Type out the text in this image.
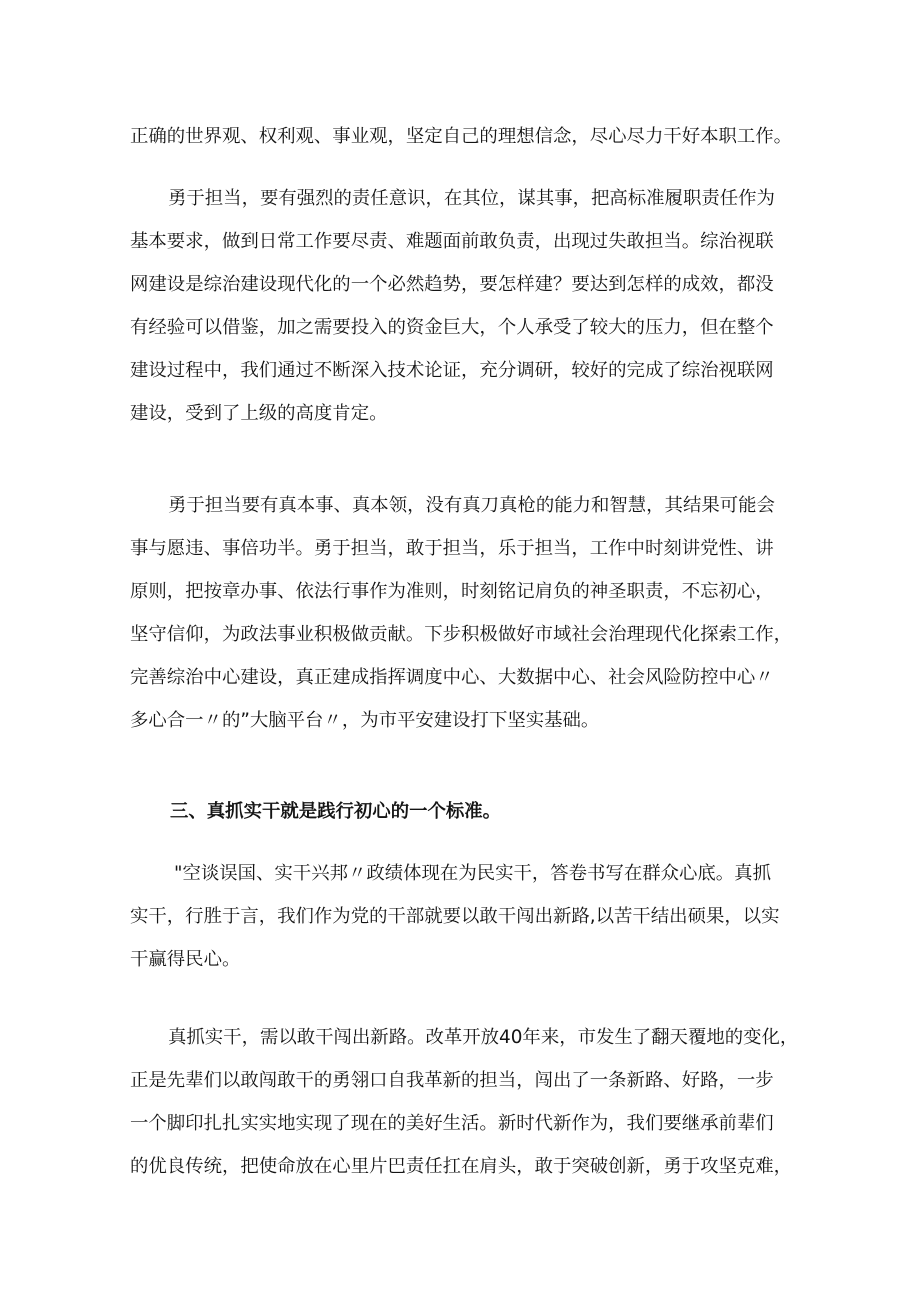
正确的世界观、权利观、事业观，坚定自己的理想信念，尽心尽力干好本职工作。
勇于担当，要有强烈的责任意识，在其位，谋其事，把高标准履职责任作为
基本要求，做到日常工作要尽责、难题面前敢负责，出现过失敢担当。综治视联
网建设是综治建设现代化的一个必然趋势，要怎样建？要达到怎样的成效，都没
有经验可以借鉴，加之需要投入的资金巨大，个人承受了较大的压力，但在整个
建设过程中，我们通过不断深入技术论证，充分调研，较好的完成了综治视联网
建设，受到了上级的高度肯定。
勇于担当要有真本事、真本领，没有真刀真枪的能力和智慧，其结果可能会
事与愿违、事倍功半。勇于担当，敢于担当，乐于担当，工作中时刻讲党性、讲
原则，把按章办事、依法行事作为准则，时刻铭记肩负的神圣职责，不忘初心，
坚守信仰，为政法事业积极做贡献。下步积极做好市域社会治理现代化探索工作，
完善综治中心建设，真正建成指挥调度中心、大数据中心、社会风险防控中心〃
多心合一〃的”大脑平台〃，为市平安建设打下坚实基础。
三、真抓实干就是践行初心的一个标准。
"空谈误国、实干兴邦〃政绩体现在为民实干，答卷书写在群众心底。真抓
实干，行胜于言，我们作为党的干部就要以敢干闯出新路,以苦干结出硕果，以实
干赢得民心。
真抓实干，需以敢干闯出新路。改革开放40年来，市发生了翻天覆地的变化，
正是先辈们以敢闯敢干的勇翎口自我革新的担当，闯出了一条新路、好路，一步
一个脚印扎扎实实地实现了现在的美好生活。新时代新作为，我们要继承前辈们
的优良传统，把使命放在心里片巴责任扛在肩头，敢于突破创新，勇于攻坚克难，
